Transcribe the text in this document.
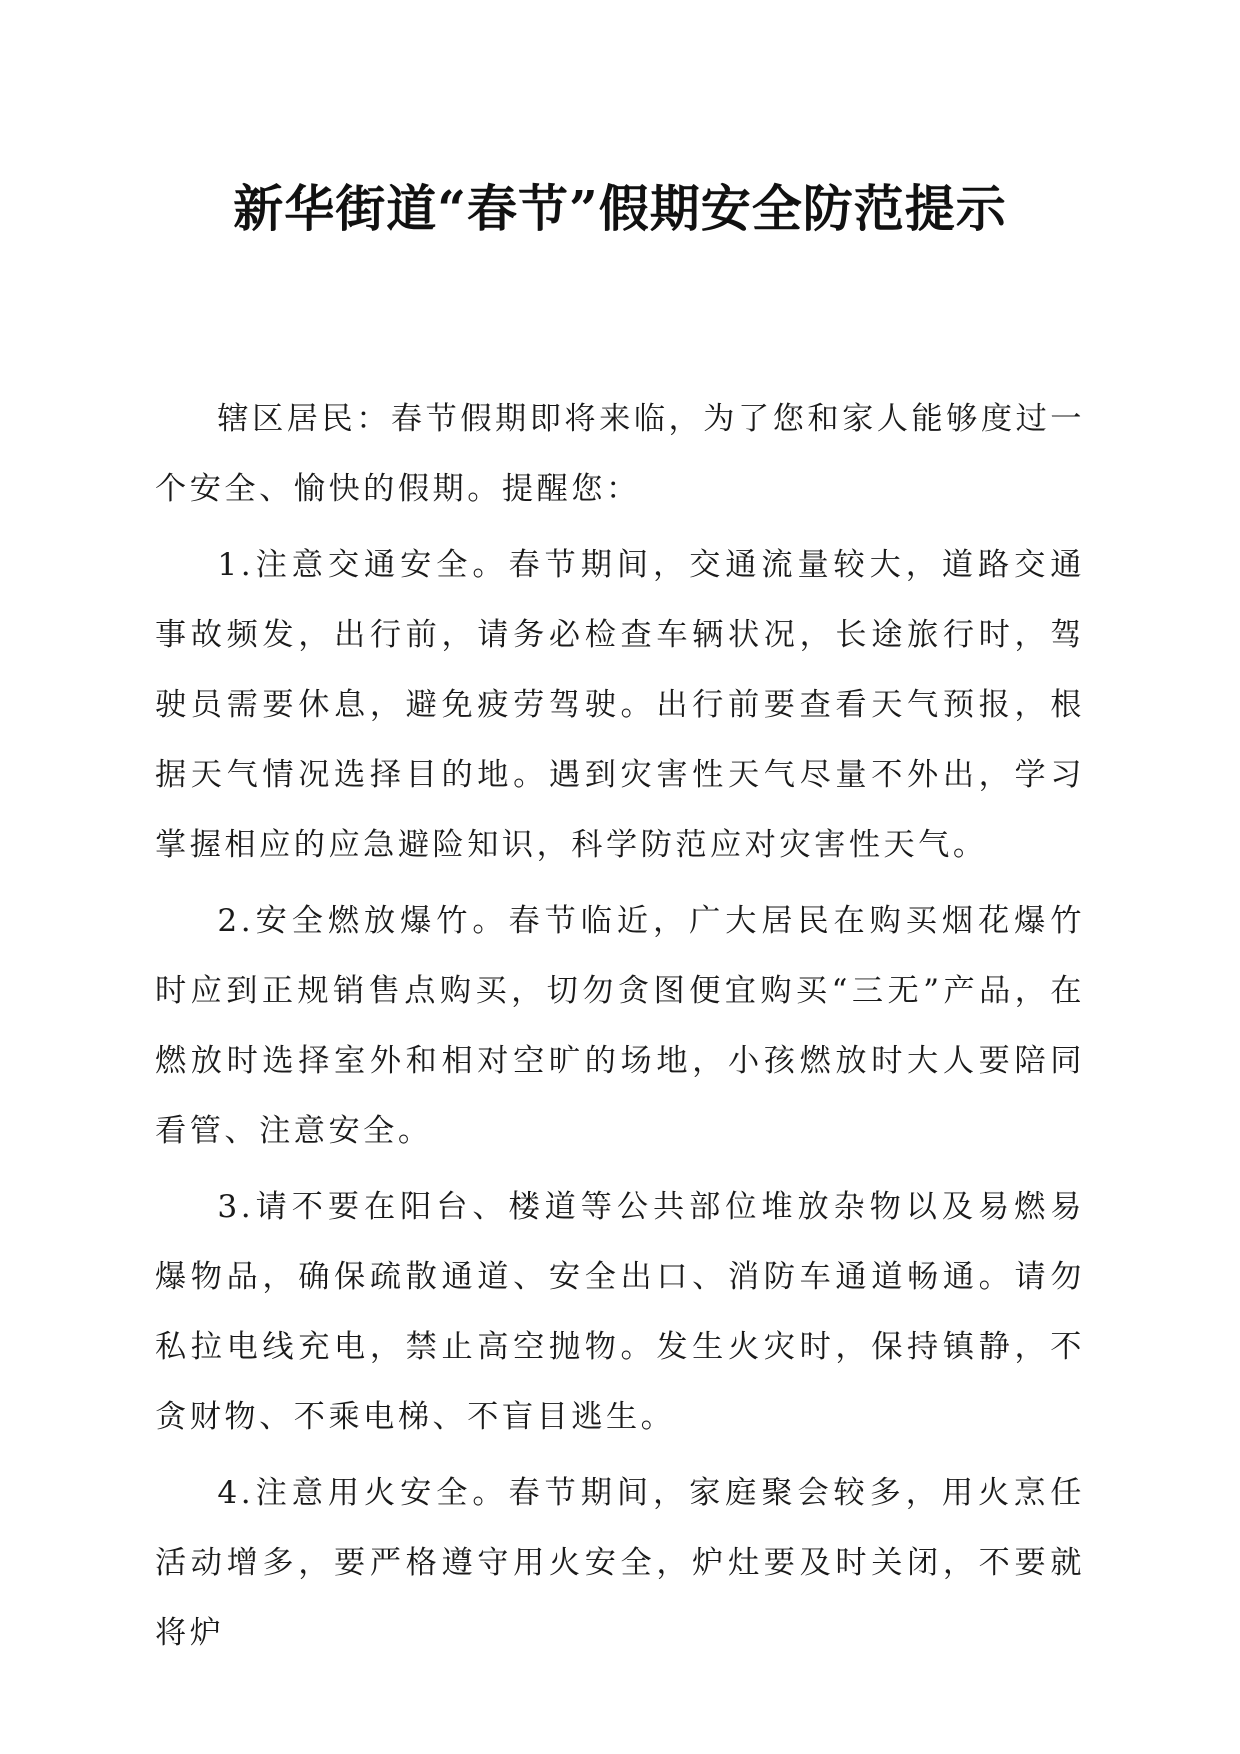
新华街道“春节”假期安全防范提示

辖区居民：春节假期即将来临，为了您和家人能够度过一个安全、愉快的假期。提醒您：

1.注意交通安全。春节期间，交通流量较大，道路交通事故频发，出行前，请务必检查车辆状况，长途旅行时，驾驶员需要休息，避免疲劳驾驶。出行前要查看天气预报，根据天气情况选择目的地。遇到灾害性天气尽量不外出，学习掌握相应的应急避险知识，科学防范应对灾害性天气。

2.安全燃放爆竹。春节临近，广大居民在购买烟花爆竹时应到正规销售点购买，切勿贪图便宜购买“三无”产品，在燃放时选择室外和相对空旷的场地，小孩燃放时大人要陪同看管、注意安全。

3.请不要在阳台、楼道等公共部位堆放杂物以及易燃易爆物品，确保疏散通道、安全出口、消防车通道畅通。请勿私拉电线充电，禁止高空抛物。发生火灾时，保持镇静，不贪财物、不乘电梯、不盲目逃生。

4.注意用火安全。春节期间，家庭聚会较多，用火烹任活动增多，要严格遵守用火安全，炉灶要及时关闭，不要就将炉
